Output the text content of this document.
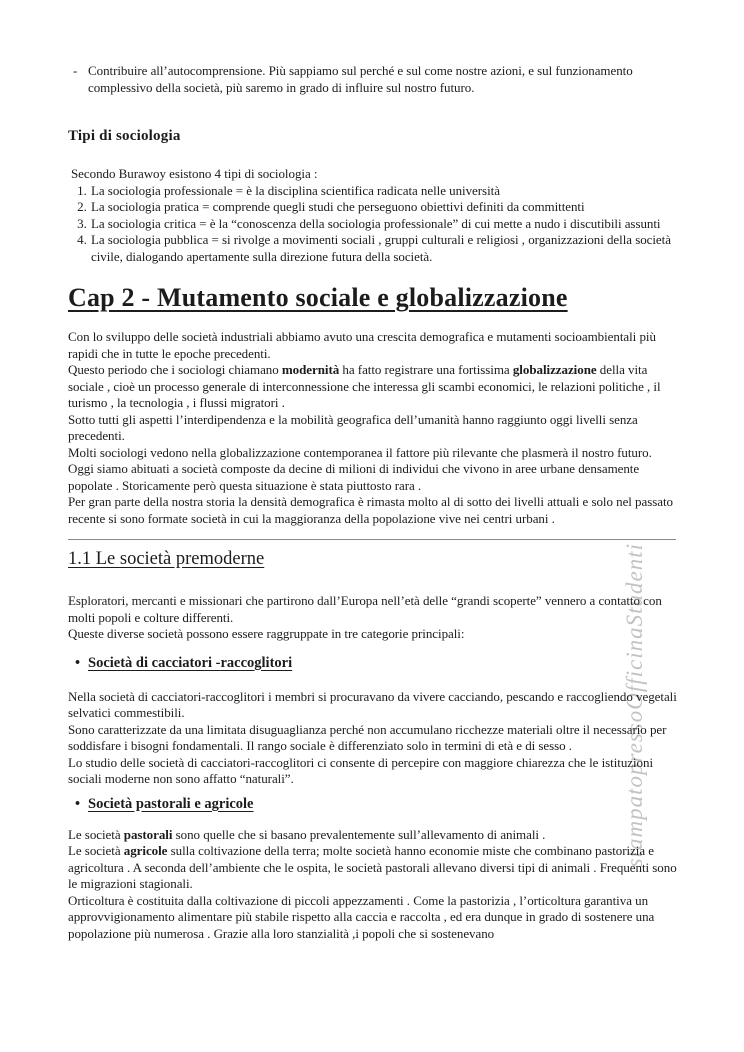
stampatopressoOfficinaStudenti
- Contribuire all’autocomprensione. Più sappiamo sul perché e sul come nostre azioni, e sul funzionamento complessivo della società, più saremo in grado di influire sul nostro futuro.

Tipi di sociologia

Secondo Burawoy esistono 4 tipi di sociologia :

1. La sociologia professionale = è la disciplina scientifica radicata nelle università
2. La sociologia pratica = comprende quegli studi che perseguono obiettivi definiti da committenti
3. La sociologia critica = è la “conoscenza della sociologia professionale” di cui mette a nudo i discutibili assunti
4. La sociologia pubblica = si rivolge a movimenti sociali , gruppi culturali e religiosi , organizzazioni della società civile, dialogando apertamente sulla direzione futura della società.
Cap 2 - Mutamento sociale e globalizzazione

Con lo sviluppo delle società industriali abbiamo avuto una crescita demografica e mutamenti socioambientali più rapidi che in tutte le epoche precedenti.

Questo periodo che i sociologi chiamano modernità ha fatto registrare una fortissima globalizzazione della vita sociale , cioè un processo generale di interconnessione che interessa gli scambi economici, le relazioni politiche , il turismo , la tecnologia , i flussi migratori .

Sotto tutti gli aspetti l’interdipendenza e la mobilità geografica dell’umanità hanno raggiunto oggi livelli senza precedenti.

Molti sociologi vedono nella globalizzazione contemporanea il fattore più rilevante che plasmerà il nostro futuro.

Oggi siamo abituati a società composte da decine di milioni di individui che vivono in aree urbane densamente popolate . Storicamente però questa situazione è stata piuttosto rara .

Per gran parte della nostra storia la densità demografica è rimasta molto al di sotto dei livelli attuali e solo nel passato recente si sono formate società in cui la maggioranza della popolazione vive nei centri urbani .

1.1 Le società premoderne

Esploratori, mercanti e missionari che partirono dall’Europa nell’età delle “grandi scoperte” vennero a contatto con molti popoli e colture differenti.

Queste diverse società possono essere raggruppate in tre categorie principali:

• Società di cacciatori -raccoglitori

Nella società di cacciatori-raccoglitori i membri si procuravano da vivere cacciando, pescando e raccogliendo vegetali selvatici commestibili.

Sono caratterizzate da una limitata disuguaglianza perché non accumulano ricchezze materiali oltre il necessario per soddisfare i bisogni fondamentali. Il rango sociale è differenziato solo in termini di età e di sesso .

Lo studio delle società di cacciatori-raccoglitori ci consente di percepire con maggiore chiarezza che le istituzioni sociali moderne non sono affatto “naturali”.

• Società pastorali e agricole

Le società pastorali sono quelle che si basano prevalentemente sull’allevamento di animali .

Le società agricole sulla coltivazione della terra; molte società hanno economie miste che combinano pastorizia e agricoltura . A seconda dell’ambiente che le ospita, le società pastorali allevano diversi tipi di animali . Frequenti sono le migrazioni stagionali.

Orticoltura è costituita dalla coltivazione di piccoli appezzamenti . Come la pastorizia , l’orticoltura garantiva un approvvigionamento alimentare più stabile rispetto alla caccia e raccolta , ed era dunque in grado di sostenere una popolazione più numerosa . Grazie alla loro stanzialità ,i popoli che si sostenevano
